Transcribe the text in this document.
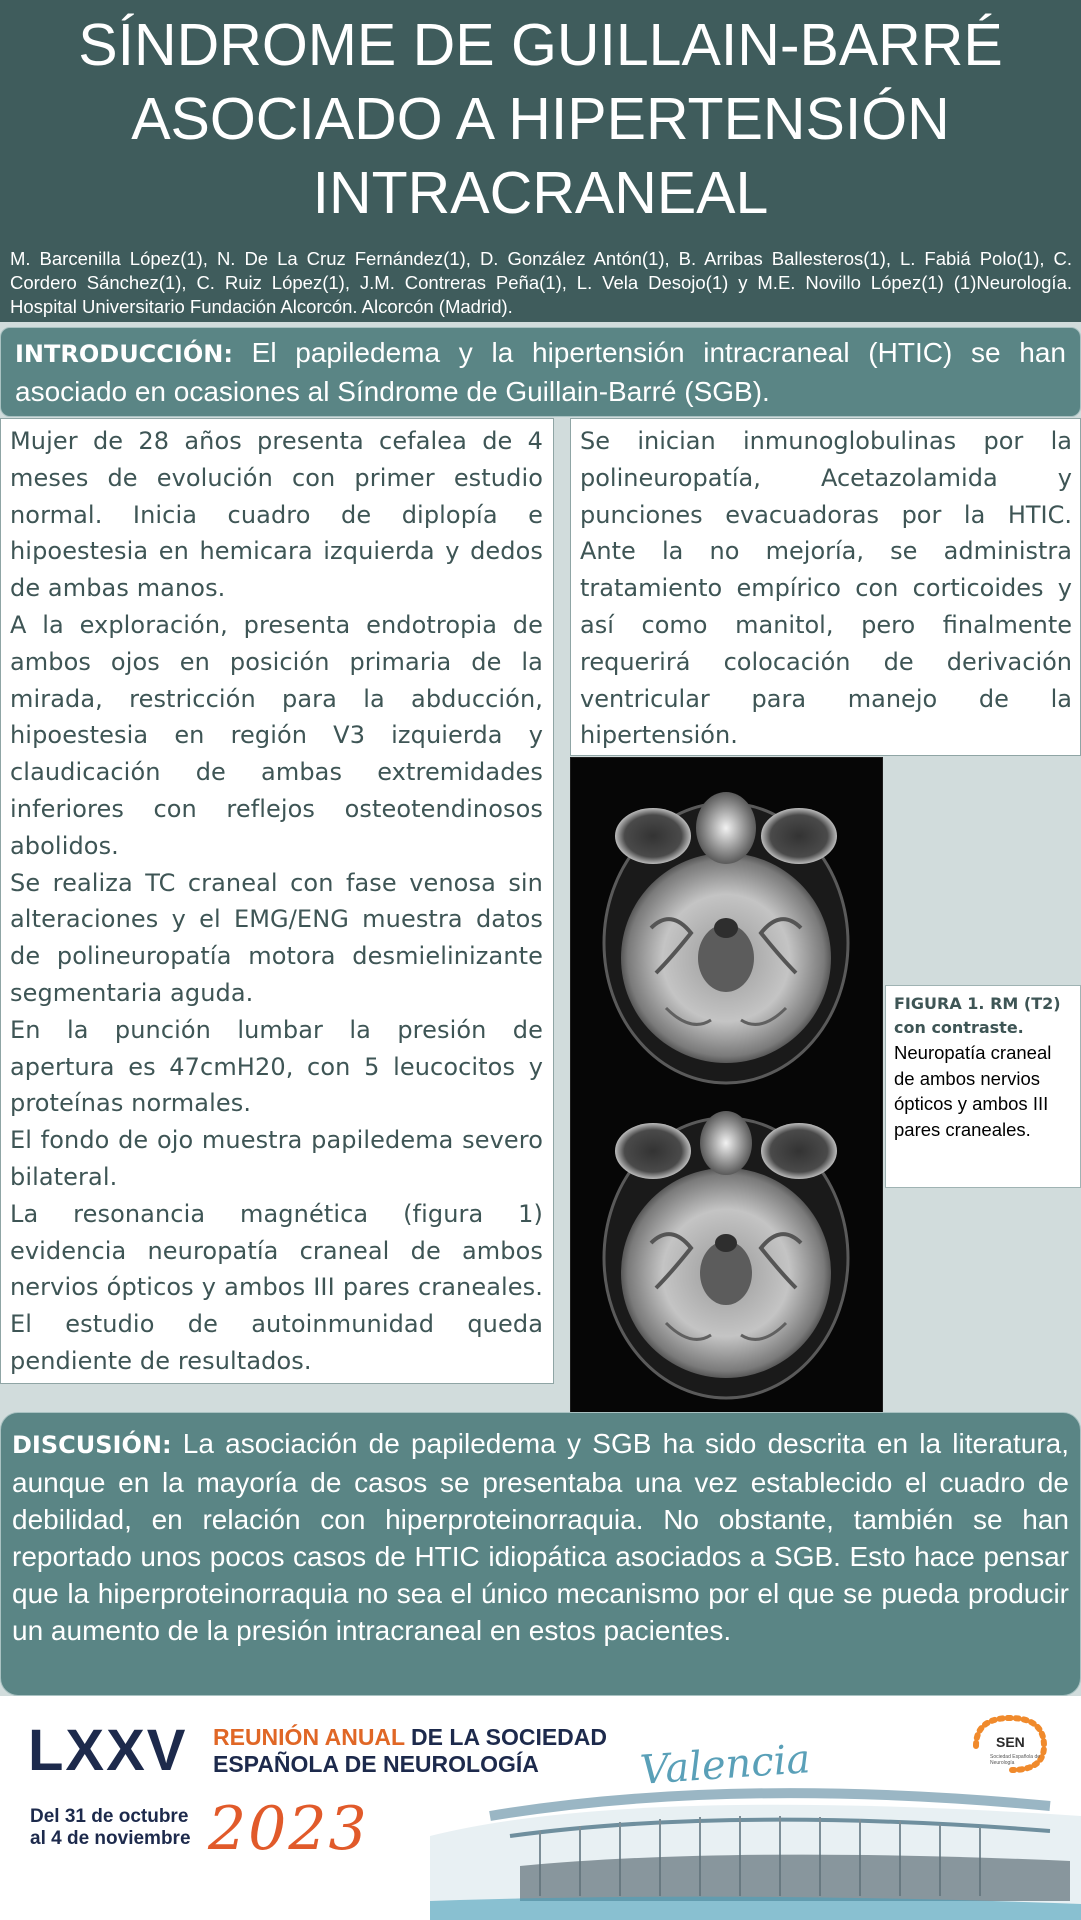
SÍNDROME DE GUILLAIN-BARRÉ
ASOCIADO A HIPERTENSIÓN
INTRACRANEAL

M. Barcenilla López(1), N. De La Cruz Fernández(1), D. González Antón(1), B. Arribas Ballesteros(1), L. Fabiá Polo(1), C. Cordero Sánchez(1), C. Ruiz López(1), J.M. Contreras Peña(1), L. Vela Desojo(1) y M.E. Novillo López(1) (1)Neurología. Hospital Universitario Fundación Alcorcón. Alcorcón (Madrid).

INTRODUCCIÓN: El papiledema y la hipertensión intracraneal (HTIC) se han asociado en ocasiones al Síndrome de Guillain-Barré (SGB).

Mujer de 28 años presenta cefalea de 4 meses de evolución con primer estudio normal. Inicia cuadro de diplopía e hipoestesia en hemicara izquierda y dedos de ambas manos.

A la exploración, presenta endotropia de ambos ojos en posición primaria de la mirada, restricción para la abducción, hipoestesia en región V3 izquierda y claudicación de ambas extremidades inferiores con reflejos osteotendinosos abolidos.

Se realiza TC craneal con fase venosa sin alteraciones y el EMG/ENG muestra datos de polineuropatía motora desmielinizante segmentaria aguda.

En la punción lumbar la presión de apertura es 47cmH20, con 5 leucocitos y proteínas normales.

El fondo de ojo muestra papiledema severo bilateral.

La resonancia magnética (figura 1) evidencia neuropatía craneal de ambos nervios ópticos y ambos III pares craneales. El estudio de autoinmunidad queda pendiente de resultados.

Se inician inmunoglobulinas por la polineuropatía, Acetazolamida y punciones evacuadoras por la HTIC. Ante la no mejoría, se administra tratamiento empírico con corticoides y así como manitol, pero finalmente requerirá colocación de derivación ventricular para manejo de la hipertensión.

FIGURA 1. RM (T2) con contraste.

Neuropatía craneal de ambos nervios ópticos y ambos III pares craneales.

DISCUSIÓN: La asociación de papiledema y SGB ha sido descrita en la literatura, aunque en la mayoría de casos se presentaba una vez establecido el cuadro de debilidad, en relación con hiperproteinorraquia. No obstante, también se han reportado unos pocos casos de HTIC idiopática asociados a SGB. Esto hace pensar que la hiperproteinorraquia no sea el único mecanismo por el que se pueda producir un aumento de la presión intracraneal en estos pacientes.

LXXV REUNIÓN ANUAL DE LA SOCIEDAD
ESPAÑOLA DE NEUROLOGÍA

Del 31 de octubre
al 4 de noviembre 2023

Valencia	SEN

Sociedad Española de Neurología
